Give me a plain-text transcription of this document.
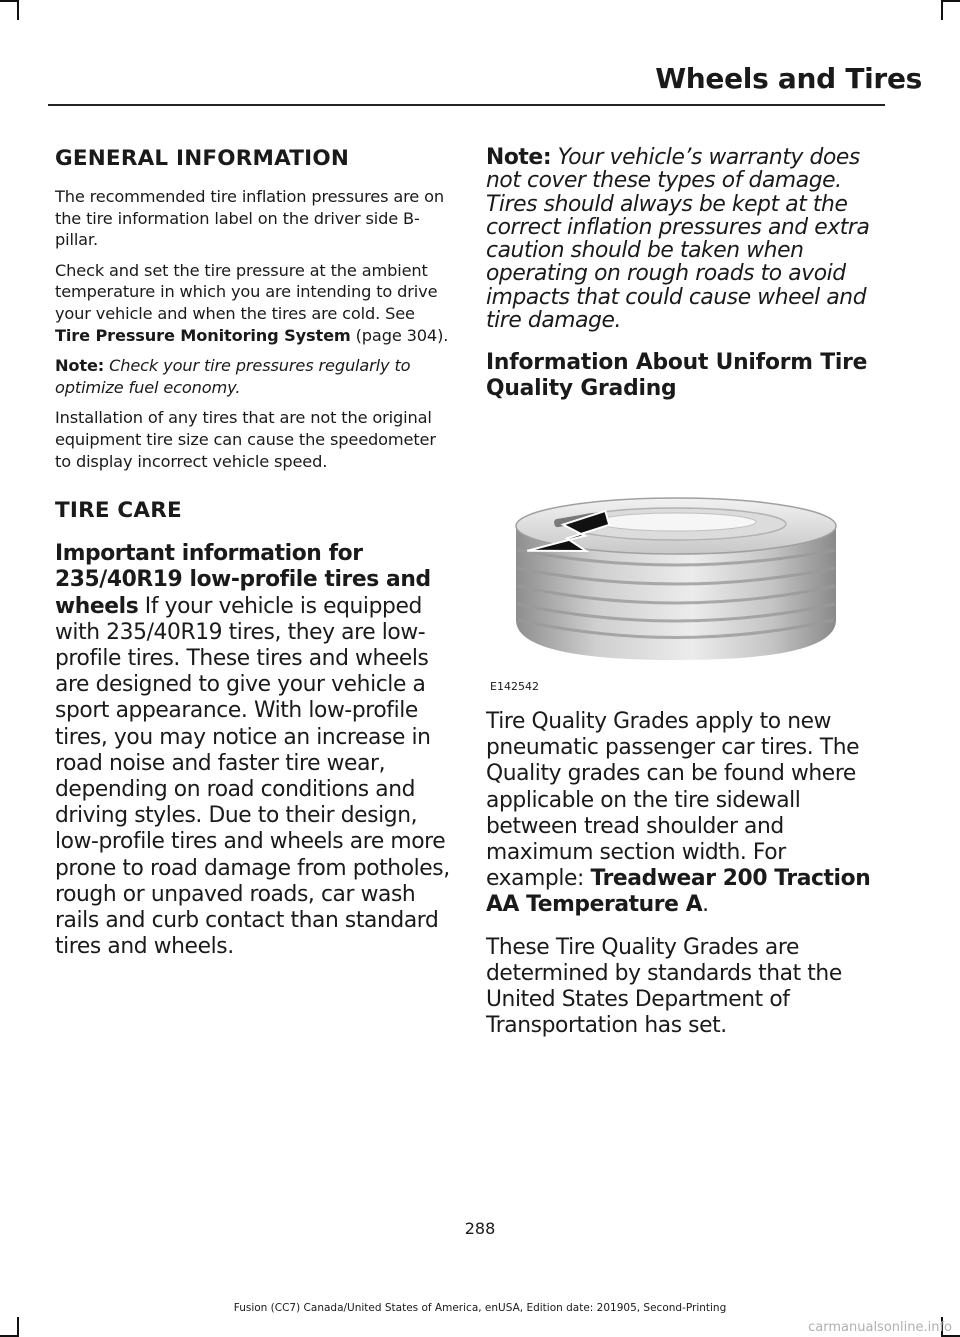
Wheels and Tires
GENERAL INFORMATION

The recommended tire inflation pressures are on the tire information label on the driver side B-pillar.

Check and set the tire pressure at the ambient temperature in which you are intending to drive your vehicle and when the tires are cold. See Tire Pressure Monitoring System (page 304).

Note: Check your tire pressures regularly to optimize fuel economy.

Installation of any tires that are not the original equipment tire size can cause the speedometer to display incorrect vehicle speed.

TIRE CARE

Important information for 235/40R19 low-profile tires and wheels If your vehicle is equipped with 235/40R19 tires, they are low-profile tires. These tires and wheels are designed to give your vehicle a sport appearance. With low-profile tires, you may notice an increase in road noise and faster tire wear, depending on road conditions and driving styles. Due to their design, low-profile tires and wheels are more prone to road damage from potholes, rough or unpaved roads, car wash rails and curb contact than standard tires and wheels.

Note: Your vehicle’s warranty does not cover these types of damage. Tires should always be kept at the correct inflation pressures and extra caution should be taken when operating on rough roads to avoid impacts that could cause wheel and tire damage.

Information About Uniform Tire Quality Grading
E142542

Tire Quality Grades apply to new pneumatic passenger car tires. The Quality grades can be found where applicable on the tire sidewall between tread shoulder and maximum section width. For example: Treadwear 200 Traction AA Temperature A.

These Tire Quality Grades are determined by standards that the United States Department of Transportation has set.

288
Fusion (CC7) Canada/United States of America, enUSA, Edition date: 201905, Second-Printing
carmanualsonline.info
